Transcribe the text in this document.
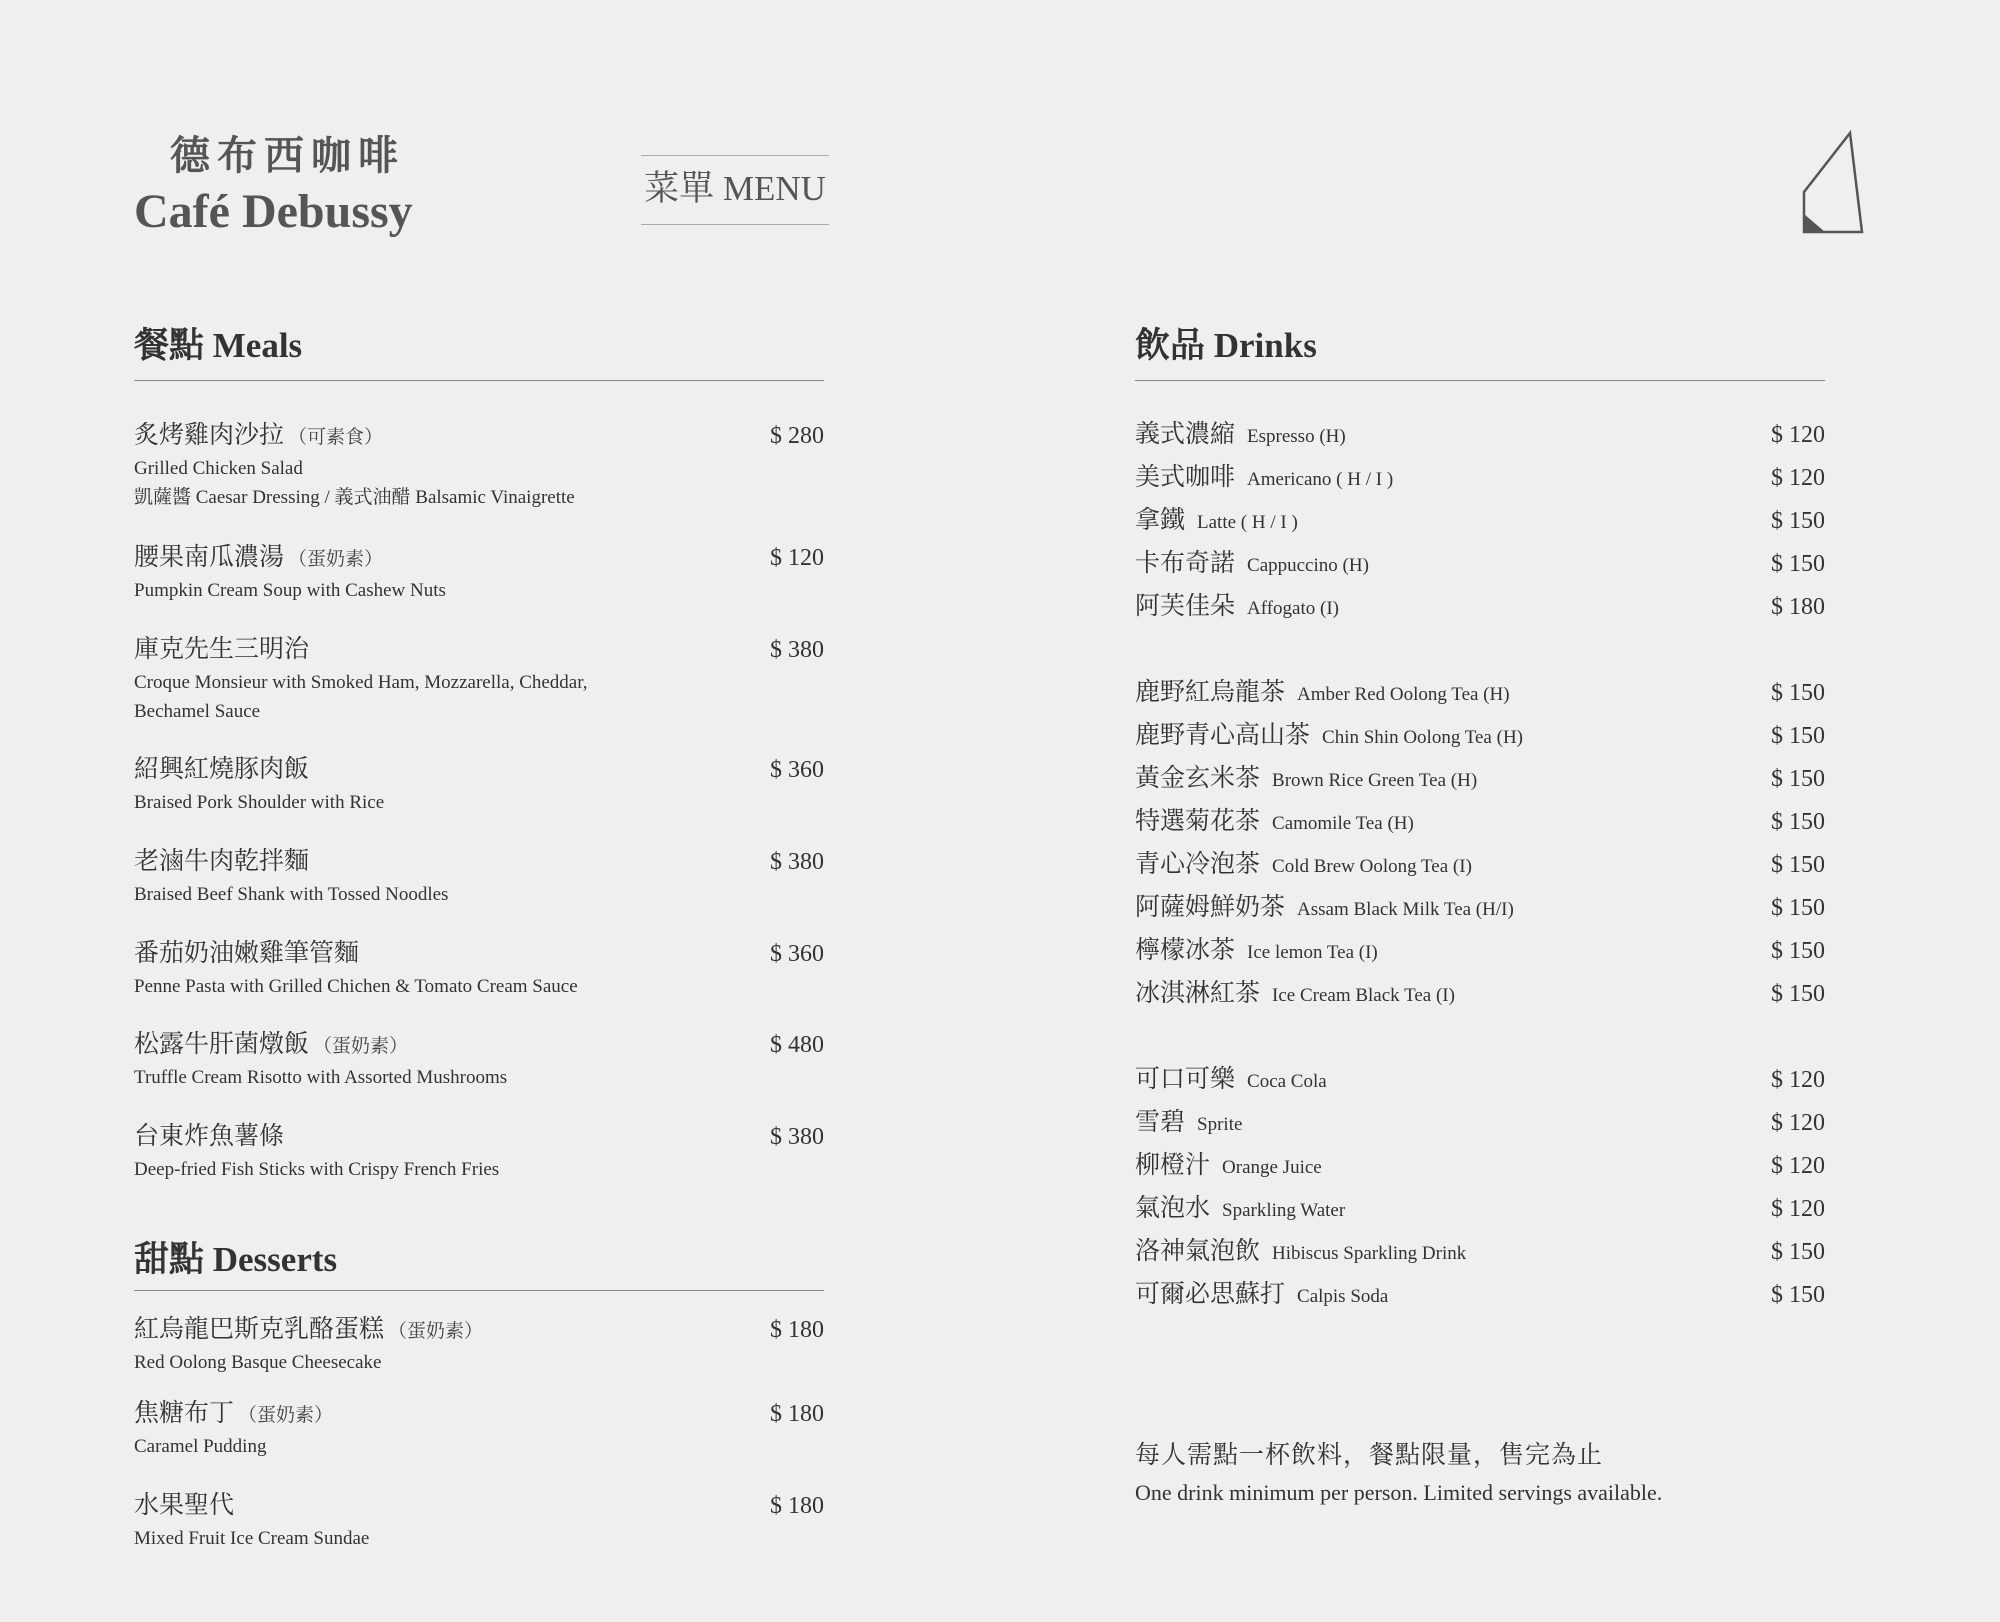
德布西咖啡
Café Debussy	菜單 MENU
餐點 Meals
炙烤雞肉沙拉 （可素食）	$ 280
Grilled Chicken Salad
凱薩醬 Caesar Dressing / 義式油醋 Balsamic Vinaigrette
腰果南瓜濃湯 （蛋奶素）	$ 120
Pumpkin Cream Soup with Cashew Nuts
庫克先生三明治	$ 380
Croque Monsieur with Smoked Ham, Mozzarella, Cheddar,
Bechamel Sauce
紹興紅燒豚肉飯	$ 360
Braised Pork Shoulder with Rice
老滷牛肉乾拌麵	$ 380
Braised Beef Shank with Tossed Noodles
番茄奶油嫩雞筆管麵	$ 360
Penne Pasta with Grilled Chichen & Tomato Cream Sauce
松露牛肝菌燉飯 （蛋奶素）	$ 480
Truffle Cream Risotto with Assorted Mushrooms
台東炸魚薯條	$ 380
Deep-fried Fish Sticks with Crispy French Fries
甜點 Desserts
紅烏龍巴斯克乳酪蛋糕 （蛋奶素）	$ 180
Red Oolong Basque Cheesecake
焦糖布丁 （蛋奶素）	$ 180
Caramel Pudding
水果聖代	$ 180
Mixed Fruit Ice Cream Sundae
飲品 Drinks
義式濃縮 Espresso (H)	$ 120
美式咖啡 Americano ( H / I )	$ 120
拿鐵 Latte ( H / I )	$ 150
卡布奇諾 Cappuccino (H)	$ 150
阿芙佳朵 Affogato (I)	$ 180
鹿野紅烏龍茶 Amber Red Oolong Tea (H)	$ 150
鹿野青心高山茶 Chin Shin Oolong Tea (H)	$ 150
黃金玄米茶 Brown Rice Green Tea (H)	$ 150
特選菊花茶 Camomile Tea (H)	$ 150
青心冷泡茶 Cold Brew Oolong Tea (I)	$ 150
阿薩姆鮮奶茶 Assam Black Milk Tea (H/I)	$ 150
檸檬冰茶 Ice lemon Tea (I)	$ 150
冰淇淋紅茶 Ice Cream Black Tea (I)	$ 150
可口可樂 Coca Cola	$ 120
雪碧 Sprite	$ 120
柳橙汁 Orange Juice	$ 120
氣泡水 Sparkling Water	$ 120
洛神氣泡飲 Hibiscus Sparkling Drink	$ 150
可爾必思蘇打 Calpis Soda	$ 150
每人需點一杯飲料，餐點限量，售完為止
One drink minimum per person. Limited servings available.
